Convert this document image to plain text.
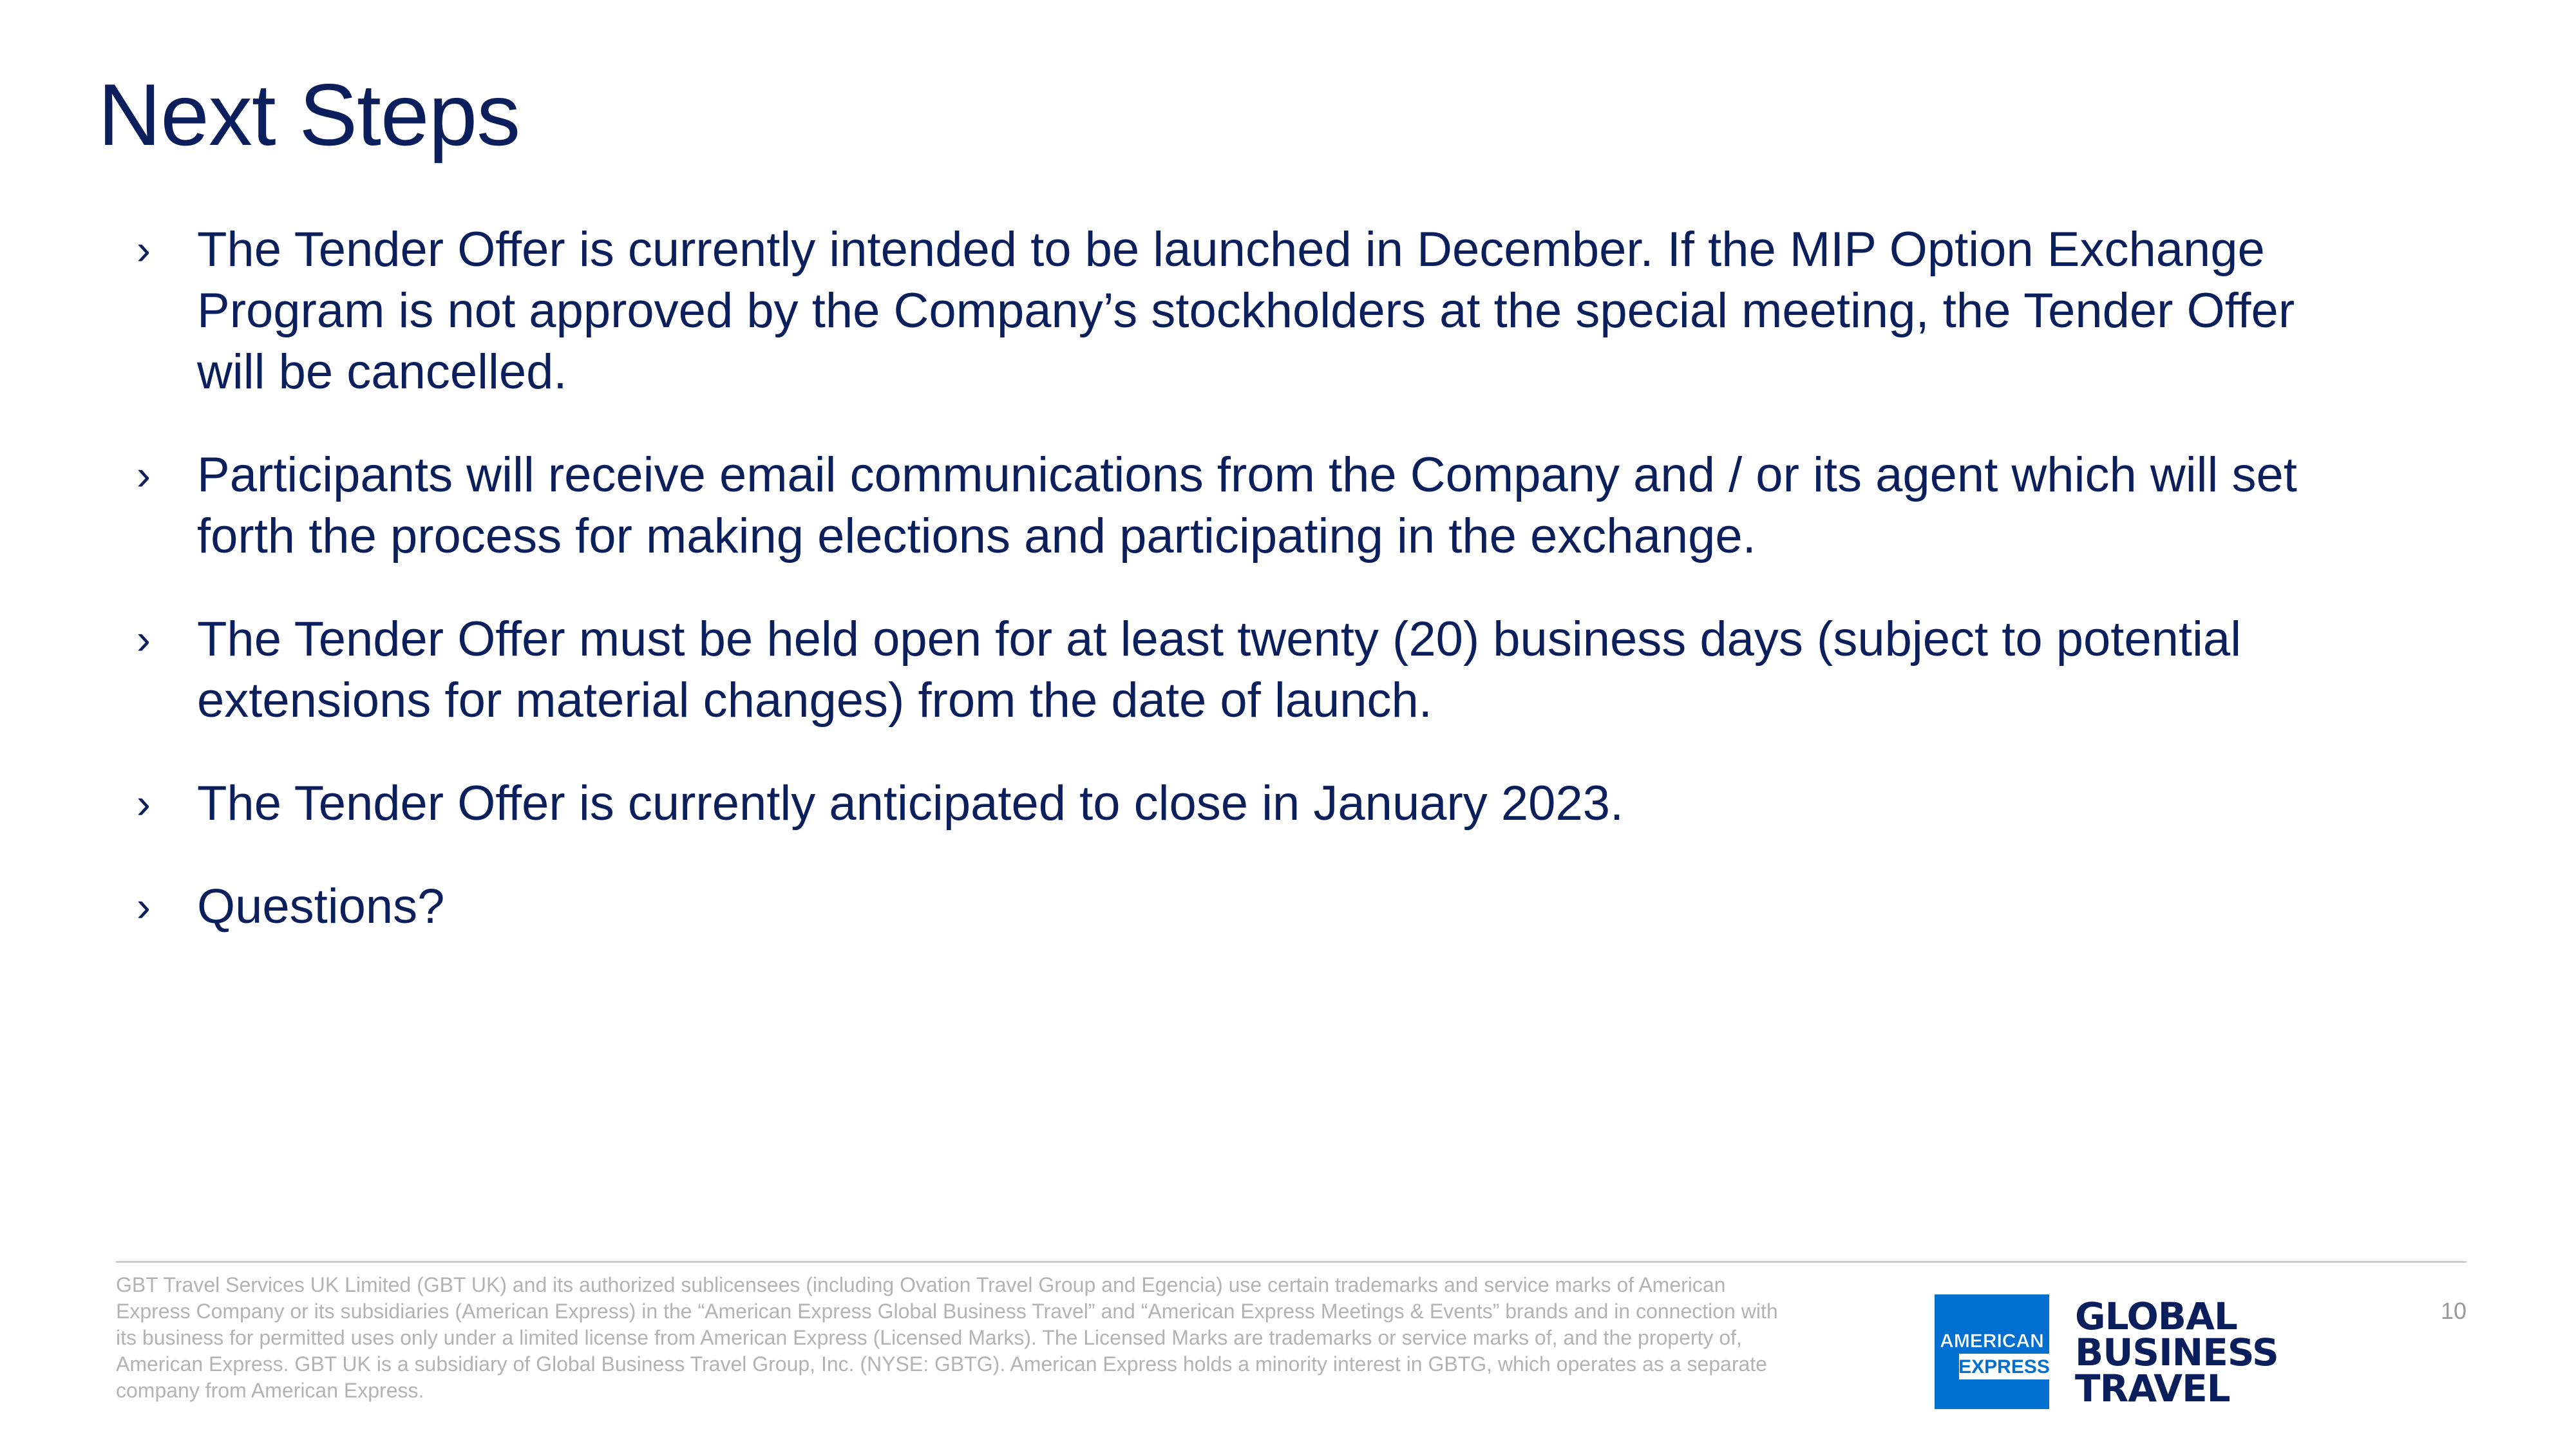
Next Steps
› The Tender Offer is currently intended to be launched in December. If the MIP Option Exchange Program is not approved by the Company’s stockholders at the special meeting, the Tender Offer will be cancelled.
› Participants will receive email communications from the Company and / or its agent which will set forth the process for making elections and participating in the exchange.
› The Tender Offer must be held open for at least twenty (20) business days (subject to potential extensions for material changes) from the date of launch.
› The Tender Offer is currently anticipated to close in January 2023.
› Questions?
GBT Travel Services UK Limited (GBT UK) and its authorized sublicensees (including Ovation Travel Group and Egencia) use certain trademarks and service marks of American Express Company or its subsidiaries (American Express) in the “American Express Global Business Travel” and “American Express Meetings & Events” brands and in connection with its business for permitted uses only under a limited license from American Express (Licensed Marks). The Licensed Marks are trademarks or service marks of, and the property of, American Express. GBT UK is a subsidiary of Global Business Travel Group, Inc. (NYSE: GBTG). American Express holds a minority interest in GBTG, which operates as a separate company from American Express.
10
AMERICAN
EXPRESS
GLOBAL
BUSINESS
TRAVEL
